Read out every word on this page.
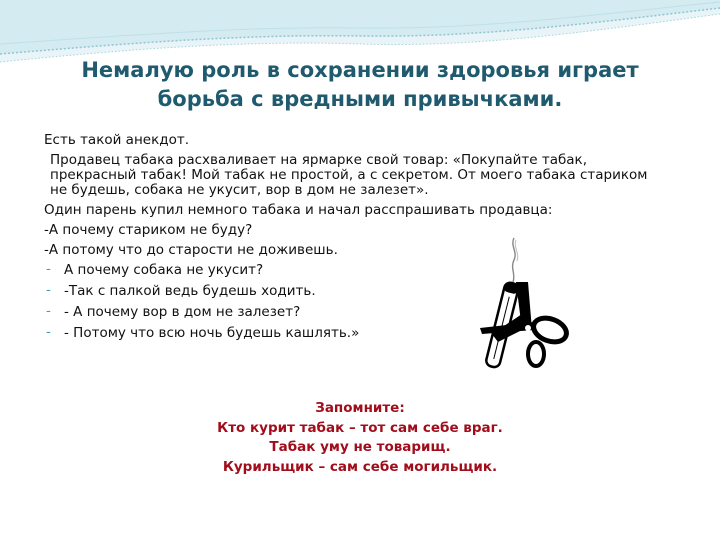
Немалую роль в сохранении здоровья играет
борьба с вредными привычками.
Есть такой анекдот.
Продавец табака расхваливает на ярмарке свой товар: «Покупайте табак, прекрасный табак! Мой табак не простой, а с секретом. От моего табака стариком не будешь, собака не укусит, вор в дом не залезет».
Один парень купил немного табака и начал расспрашивать продавца:
-А почему стариком не буду?
-А потому что до старости не доживешь.
- А почему собака не укусит?
- -Так с палкой ведь будешь ходить.
- - А почему вор в дом не залезет?
- - Потому что всю ночь будешь кашлять.»
Запомните:
Кто курит табак – тот сам себе враг.
Табак уму не товарищ.
Курильщик – сам себе могильщик.
